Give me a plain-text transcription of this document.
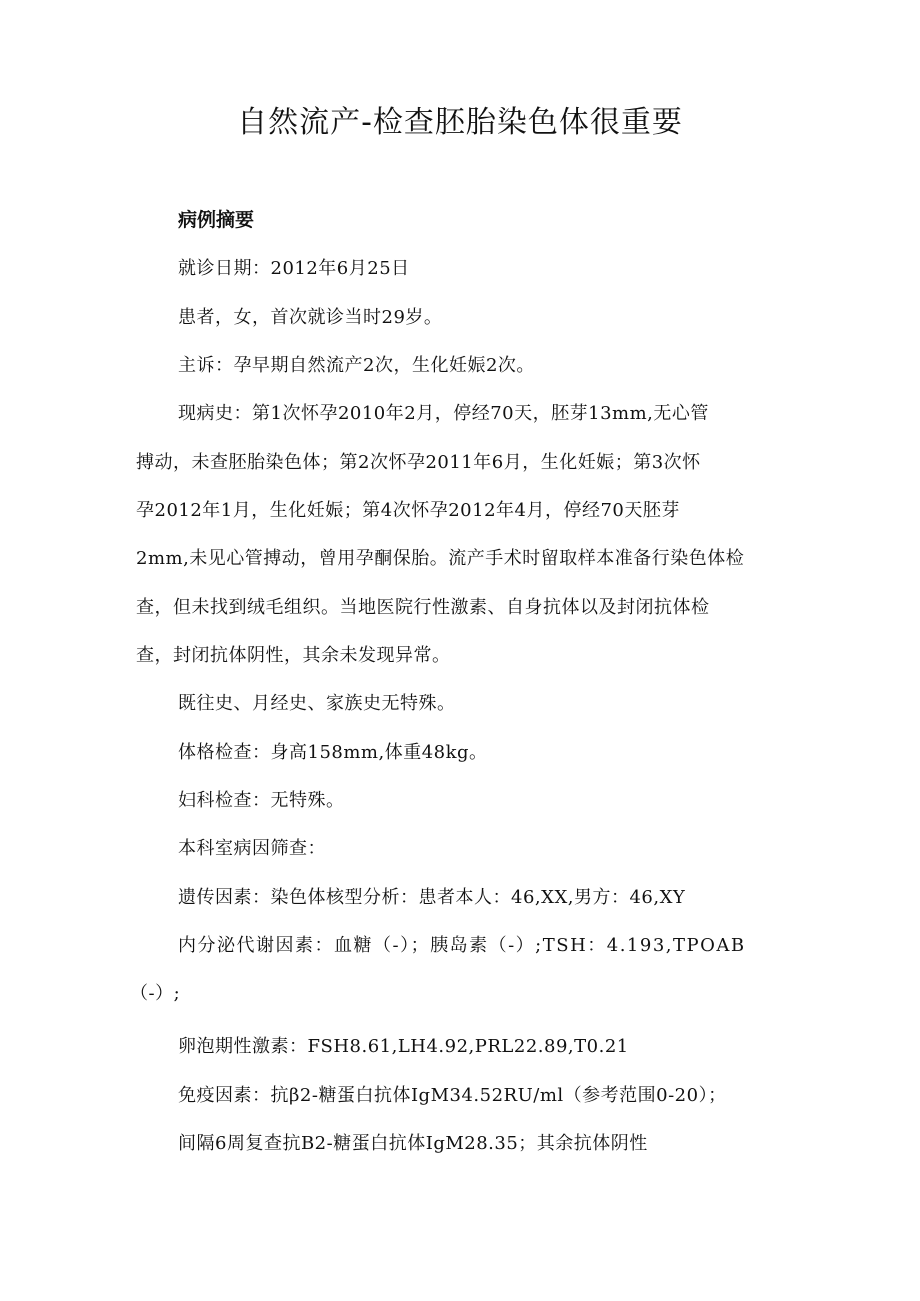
自然流产-检查胚胎染色体很重要
病例摘要

就诊日期：2012年6月25日

患者，女，首次就诊当时29岁。

主诉：孕早期自然流产2次，生化妊娠2次。

现病史：第1次怀孕2010年2月，停经70天，胚芽13mm,无心管

搏动，未查胚胎染色体；第2次怀孕2011年6月，生化妊娠；第3次怀

孕2012年1月，生化妊娠；第4次怀孕2012年4月，停经70天胚芽

2mm,未见心管搏动，曾用孕酮保胎。流产手术时留取样本准备行染色体检

查，但未找到绒毛组织。当地医院行性激素、自身抗体以及封闭抗体检

查，封闭抗体阴性，其余未发现异常。

既往史、月经史、家族史无特殊。

体格检查：身高158mm,体重48kg。

妇科检查：无特殊。

本科室病因筛查：

遗传因素：染色体核型分析：患者本人：46,XX,男方：46,XY

内分泌代谢因素：血糖（-）；胰岛素（-）;TSH：4.193,TPOAB

（-）;

卵泡期性激素：FSH8.61,LH4.92,PRL22.89,T0.21

免疫因素：抗β2-糖蛋白抗体IgM34.52RU/ml（参考范围0-20）；

间隔6周复查抗B2-糖蛋白抗体IgM28.35；其余抗体阴性
